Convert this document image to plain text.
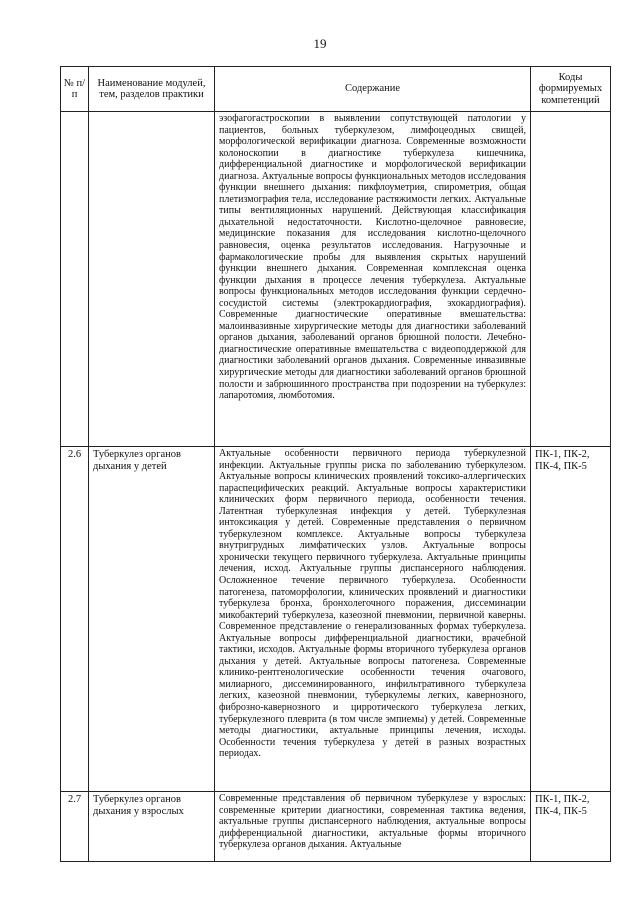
19
№ п/п	Наименование модулей, тем, разделов практики	Содержание	Коды формируемых компетенций
		эзофагогастроскопии в выявлении сопутствующей патологии у пациентов, больных туберкулезом, лимфоцеодных свищей, морфологической верификации диагноза. Современные возможности колоноскопии в диагностике туберкулеза кишечника, дифференциальной диагностике и морфологической верификации диагноза. Актуальные вопросы функциональных методов исследования функции внешнего дыхания: пикфлоуметрия, спирометрия, общая плетизмография тела, исследование растяжимости легких. Актуальные типы вентиляционных нарушений. Действующая классификация дыхательной недостаточности. Кислотно-щелочное равновесие, медицинские показания для исследования кислотно-щелочного равновесия, оценка результатов исследования. Нагрузочные и фармакологические пробы для выявления скрытых нарушений функции внешнего дыхания. Современная комплексная оценка функции дыхания в процессе лечения туберкулеза. Актуальные вопросы функциональных методов исследования функции сердечно-сосудистой системы (электрокардиография, эхокардиография). Современные диагностические оперативные вмешательства: малоинвазивные хирургические методы для диагностики заболеваний органов дыхания, заболеваний органов брюшной полости. Лечебно-диагностические оперативные вмешательства с видеоподдержкой для диагностики заболеваний органов дыхания. Современные инвазивные хирургические методы для диагностики заболеваний органов брюшной полости и забрюшинного пространства при подозрении на туберкулез: лапаротомия, люмботомия.	
2.6	Туберкулез органов дыхания у детей	Актуальные особенности первичного периода туберкулезной инфекции. Актуальные группы риска по заболеванию туберкулезом. Актуальные вопросы клинических проявлений токсико-аллергических парaспецифических реакций. Актуальные вопросы характеристики клинических форм первичного периода, особенности течения. Латентная туберкулезная инфекция у детей. Туберкулезная интоксикация у детей. Современные представления о первичном туберкулезном комплексе. Актуальные вопросы туберкулеза внутригрудных лимфатических узлов. Актуальные вопросы хронически текущего первичного туберкулеза. Актуальные принципы лечения, исход. Актуальные группы диспансерного наблюдения. Осложненное течение первичного туберкулеза. Особенности патогенеза, патоморфологии, клинических проявлений и диагностики туберкулеза бронха, бронхолегочного поражения, диссеминации микобактерий туберкулеза, казеозной пневмонии, первичной каверны. Современное представление о генерализованных формах туберкулеза. Актуальные вопросы дифференциальной диагностики, врачебной тактики, исходов. Актуальные формы вторичного туберкулеза органов дыхания у детей. Актуальные вопросы патогенеза. Современные клинико-рентгенологические особенности течения очагового, милиарного, диссеминированного, инфильтративного туберкулеза легких, казеозной пневмонии, туберкулемы легких, кавернозного, фиброзно-кавернозного и цирротического туберкулеза легких, туберкулезного плеврита (в том числе эмпиемы) у детей. Современные методы диагностики, актуальные принципы лечения, исходы. Особенности течения туберкулеза у детей в разных возрастных периодах.	ПК-1, ПК-2, ПК-4, ПК-5
2.7	Туберкулез органов дыхания у взрослых	Современные представления об первичном туберкулезе у взрослых: современные критерии диагностики, современная тактика ведения, актуальные группы диспансерного наблюдения, актуальные вопросы дифференциальной диагностики, актуальные формы вторичного туберкулеза органов дыхания. Актуальные	ПК-1, ПК-2, ПК-4, ПК-5
